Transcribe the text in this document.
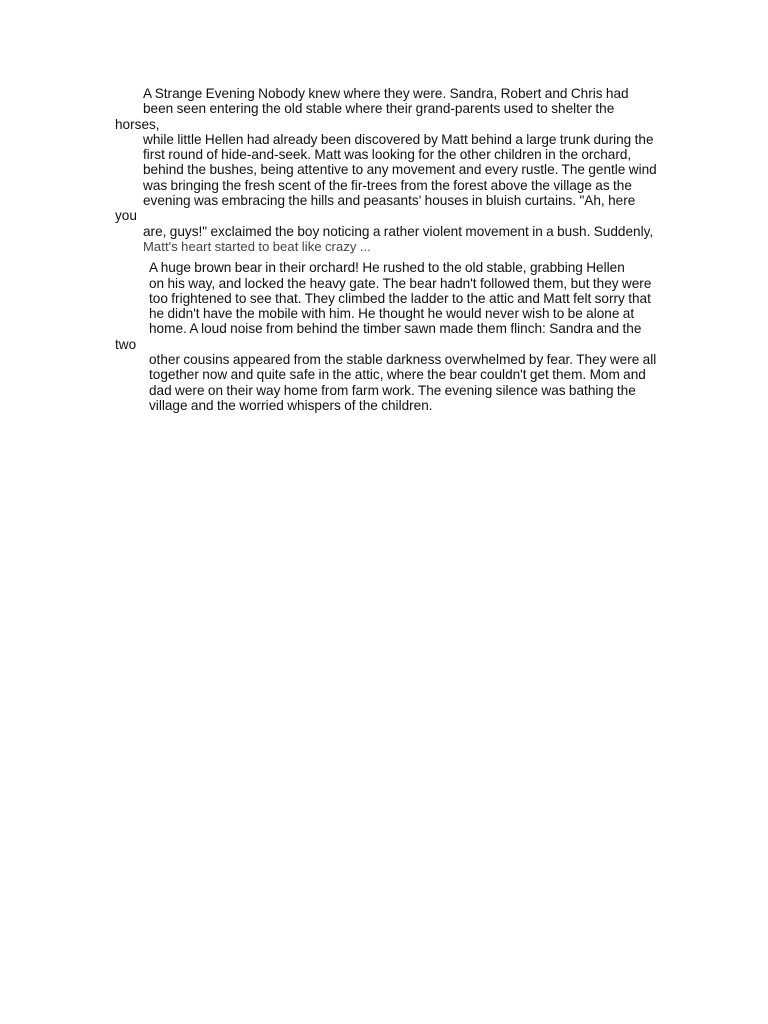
A Strange Evening Nobody knew where they were. Sandra, Robert and Chris had
been seen entering the old stable where their grand-parents used to shelter the horses,
while little Hellen had already been discovered by Matt behind a large trunk during the
first round of hide-and-seek. Matt was looking for the other children in the orchard,
behind the bushes, being attentive to any movement and every rustle. The gentle wind
was bringing the fresh scent of the fir-trees from the forest above the village as the
evening was embracing the hills and peasants' houses in bluish curtains. "Ah, here you
are, guys!" exclaimed the boy noticing a rather violent movement in a bush. Suddenly,
Matt's heart started to beat like crazy ...

A huge brown bear in their orchard! He rushed to the old stable, grabbing Hellen
on his way, and locked the heavy gate. The bear hadn't followed them, but they were
too frightened to see that. They climbed the ladder to the attic and Matt felt sorry that
he didn't have the mobile with him. He thought he would never wish to be alone at
home. A loud noise from behind the timber sawn made them flinch: Sandra and the two
other cousins appeared from the stable darkness overwhelmed by fear. They were all
together now and quite safe in the attic, where the bear couldn't get them. Mom and
dad were on their way home from farm work. The evening silence was bathing the
village and the worried whispers of the children.
